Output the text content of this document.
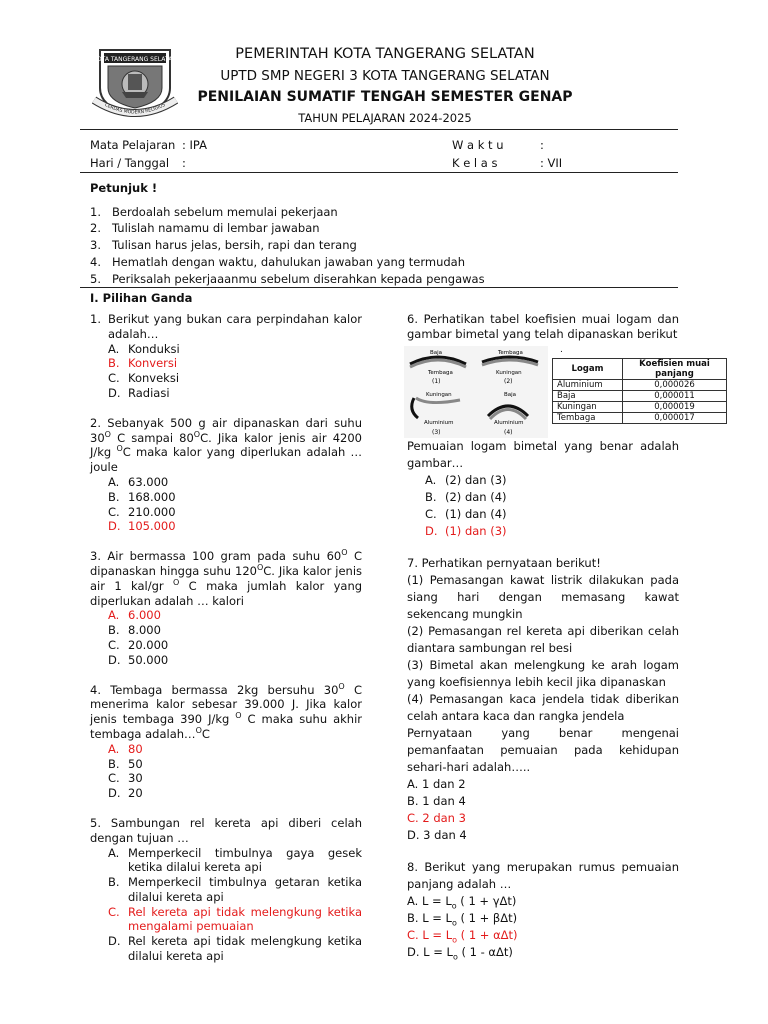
KOTA TANGERANG SELATAN
CERDAS MODERN RELIGIUS
PEMERINTAH KOTA TANGERANG SELATAN
UPTD SMP NEGERI 3 KOTA TANGERANG SELATAN
PENILAIAN SUMATIF TENGAH SEMESTER GENAP
TAHUN PELAJARAN 2024-2025
Mata Pelajaran : IPA
Hari / Tanggal :
W a k t u	:
K e l a s	: VII
Petunjuk !
1. Berdoalah sebelum memulai pekerjaan
2. Tulislah namamu di lembar jawaban
3. Tulisan harus jelas, bersih, rapi dan terang
4. Hematlah dengan waktu, dahulukan jawaban yang termudah
5. Periksalah pekerjaaanmu sebelum diserahkan kepada pengawas
I. Pilihan Ganda
1. Berikut yang bukan cara perpindahan kalor adalah…
A. Konduksi
B. Konversi
C. Konveksi
D. Radiasi
2. Sebanyak 500 g air dipanaskan dari suhu $30^O$ C sampai $80^OC$. Jika kalor jenis air 4200 J/kg $^O$C maka kalor yang diperlukan adalah … joule
A. 63.000
B. 168.000
C. 210.000
D. 105.000
3. Air bermassa 100 gram pada suhu $60^O$ C dipanaskan hingga suhu $120^OC$. Jika kalor jenis air 1 kal/gr $^O$ C maka jumlah kalor yang diperlukan adalah … kalori
A. 6.000
B. 8.000
C. 20.000
D. 50.000
4. Tembaga bermassa 2kg bersuhu $30^O$ C menerima kalor sebesar 39.000 J. Jika kalor jenis tembaga 390 J/kg $^O$ C maka suhu akhir tembaga adalah…$^O$C
A. 80
B. 50
C. 30
D. 20
5. Sambungan rel kereta api diberi celah dengan tujuan …
A. Memperkecil timbulnya gaya gesek ketika dilalui kereta api
B. Memperkecil timbulnya getaran ketika dilalui kereta api
C. Rel kereta api tidak melengkung ketika mengalami pemuaian
D. Rel kereta api tidak melengkung ketika dilalui kereta api
6. Perhatikan tabel koefisien muai logam dan gambar bimetal yang telah dipanaskan berikut
Baja
Tembaga
(1)
Tembaga
Kuningan
(2)
Kuningan
Aluminium
(3)
Baja
Aluminium
(4)
.
Logam	Koefisien muai panjang
Aluminium	0,000026
Baja	0,000011
Kuningan	0,000019
Tembaga	0,000017
Pemuaian logam bimetal yang benar adalah gambar…
A. (2) dan (3)
B. (2) dan (4)
C. (1) dan (4)
D. (1) dan (3)
7. Perhatikan pernyataan berikut!
(1) Pemasangan kawat listrik dilakukan pada siang hari dengan memasang kawat sekencang mungkin
(2) Pemasangan rel kereta api diberikan celah diantara sambungan rel besi
(3) Bimetal akan melengkung ke arah logam yang koefisiennya lebih kecil jika dipanaskan
(4) Pemasangan kaca jendela tidak diberikan celah antara kaca dan rangka jendela
Pernyataan yang benar mengenai pemanfaatan pemuaian pada kehidupan sehari-hari adalah…..
A. 1 dan 2
B. 1 dan 4
C. 2 dan 3
D. 3 dan 4
8. Berikut yang merupakan rumus pemuaian panjang adalah …
A. $L = L_o$ ( 1 + γΔt)
B. $L = L_o$ ( 1 + βΔt)
C. $L = L_o$ ( 1 + αΔt)
D. $L = L_o$ ( 1 - αΔt)
